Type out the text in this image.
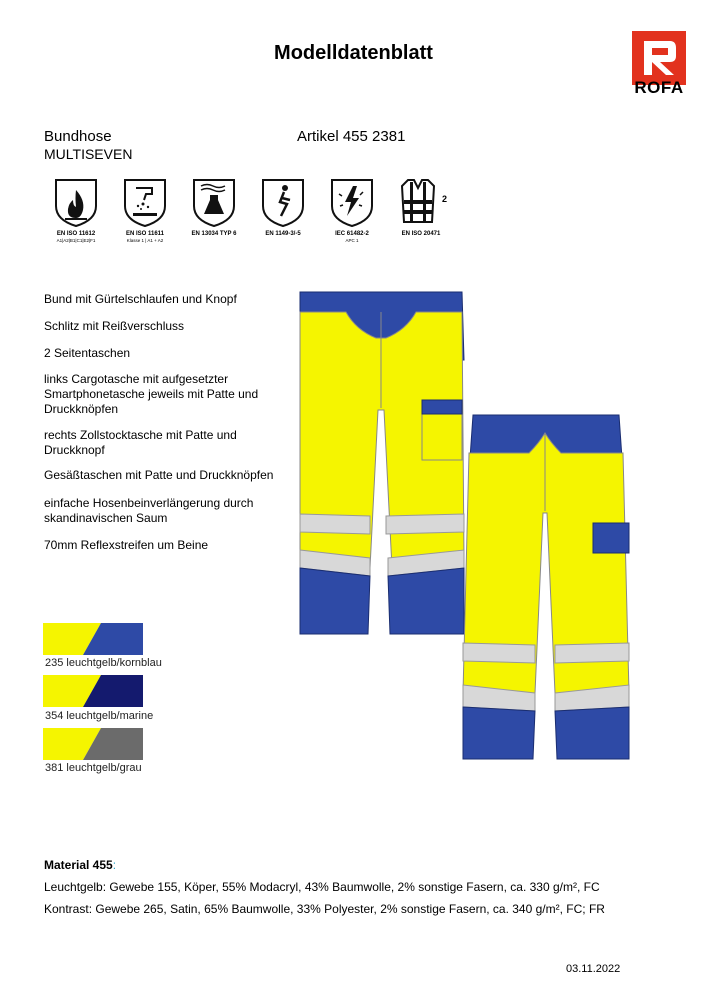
Modelldatenblatt
ROFA
Bundhose
MULTISEVEN
Artikel 455 2381
EN ISO 11612
A1|A2|B1|C1|E2|F1
EN ISO 11611
Klasse 1 | A1 + A2
EN 13034 TYP 6	EN 1149-3/-5	IEC 61482-2
APC 1
2
EN ISO 20471
Bund mit Gürtelschlaufen und Knopf
Schlitz mit Reißverschluss
2 Seitentaschen
links Cargotasche mit aufgesetzter Smartphonetasche jeweils mit Patte und Druckknöpfen
rechts Zollstocktasche mit Patte und Druckknopf
Gesäßtaschen mit Patte und Druckknöpfen
einfache Hosenbeinverlängerung durch skandinavischen Saum
70mm Reflexstreifen um Beine
235 leuchtgelb/kornblau
354 leuchtgelb/marine
381 leuchtgelb/grau
Material 455:
Leuchtgelb: Gewebe 155, Köper, 55% Modacryl, 43% Baumwolle, 2% sonstige Fasern, ca. 330 g/m², FC
Kontrast: Gewebe 265, Satin, 65% Baumwolle, 33% Polyester, 2% sonstige Fasern, ca. 340 g/m², FC; FR
03.11.2022
